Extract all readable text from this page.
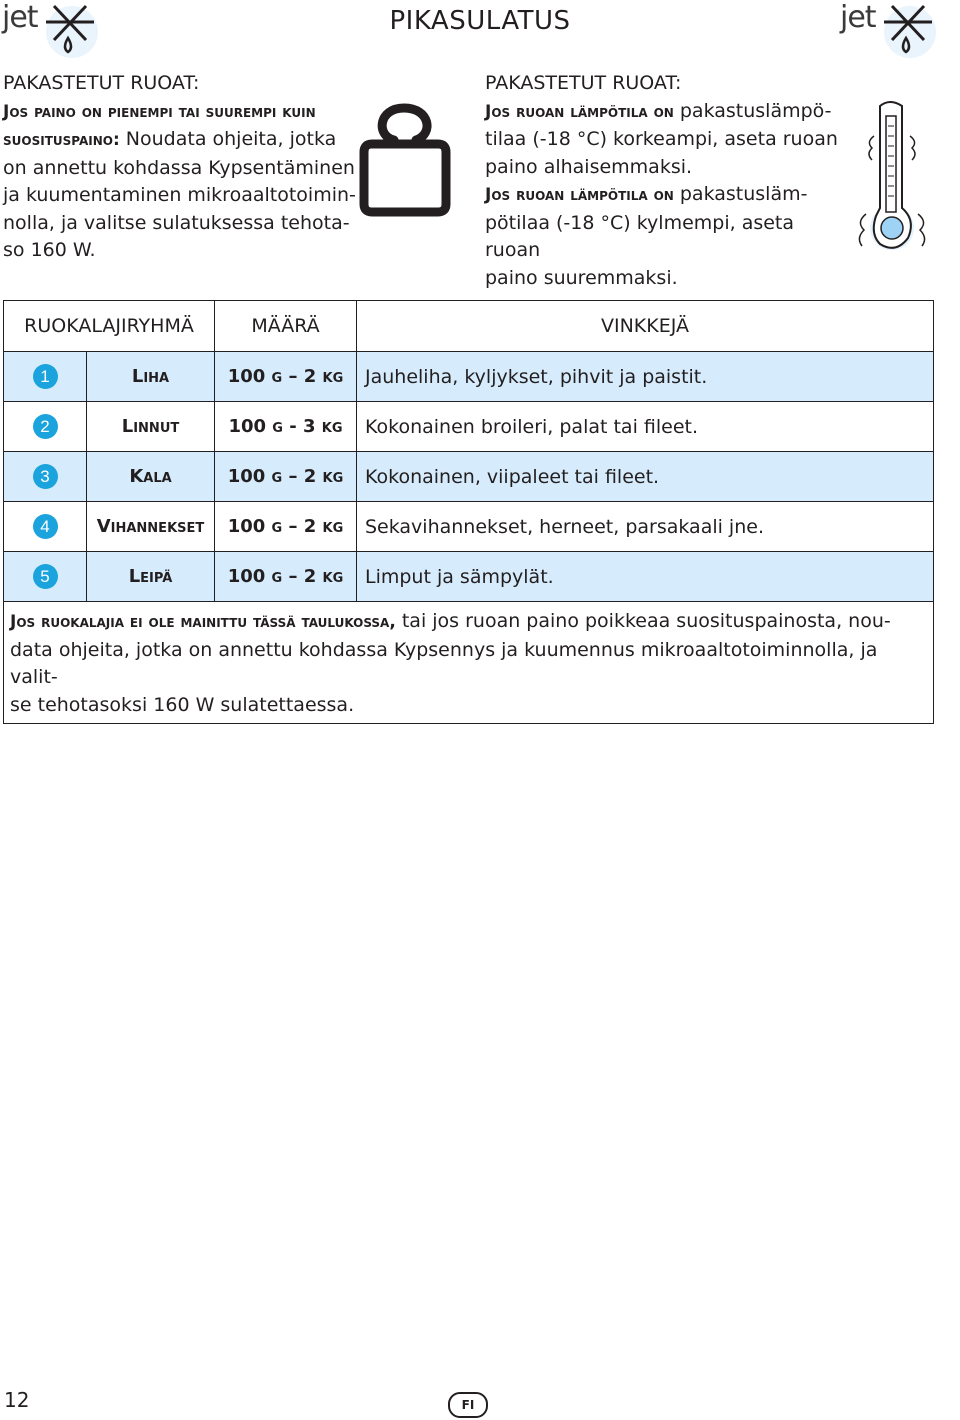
jet	PIKASULATUS	jet
PAKASTETUT RUOAT:
Jos paino on pienempi tai suurempi kuin
suosituspaino: Noudata ohjeita, jotka
on annettu kohdassa Kypsentäminen
ja kuumentaminen mikroaaltotoimin-
nolla, ja valitse sulatuksessa tehota-
so 160 W.
PAKASTETUT RUOAT:
Jos ruoan lämpötila on pakastuslämpö-
tilaa (-18 °C) korkeampi, aseta ruoan
paino alhaisemmaksi.
Jos ruoan lämpötila on pakastusläm-
pötilaa (-18 °C) kylmempi, aseta ruoan
paino suuremmaksi.
RUOKALAJIRYHMÄ		MÄÄRÄ	VINKKEJÄ
1	Liha	100 g – 2 kg	Jauheliha, kyljykset, pihvit ja paistit.
2	Linnut	100 g - 3 kg	Kokonainen broileri, palat tai fileet.
3	Kala	100 g – 2 kg	Kokonainen, viipaleet tai fileet.
4	Vihannekset	100 g – 2 kg	Sekavihannekset, herneet, parsakaali jne.
5	Leipä	100 g – 2 kg	Limput ja sämpylät.
Jos ruokalajia ei ole mainittu tässä taulukossa, tai jos ruoan paino poikkeaa suosituspainosta, nou-
data ohjeita, jotka on annettu kohdassa Kypsennys ja kuumennus mikroaaltotoiminnolla, ja valit-
se tehotasoksi 160 W sulatettaessa.			
12	FI
